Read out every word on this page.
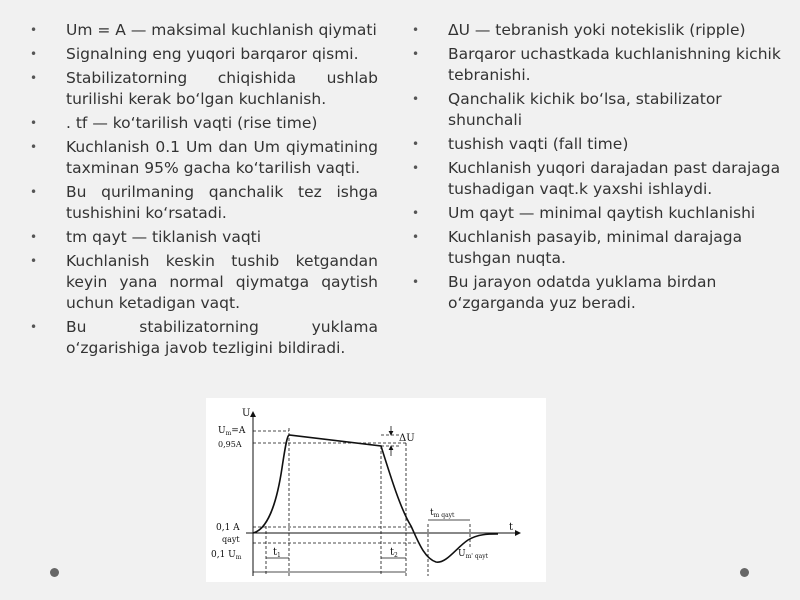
• Um = A — maksimal kuchlanish qiymati
• Signalning eng yuqori barqaror qismi.
• Stabilizatorning chiqishida ushlab turilishi kerak bo‘lgan kuchlanish.
• . tf — ko‘tarilish vaqti (rise time)
• Kuchlanish 0.1 Um dan Um qiymatining taxminan 95% gacha ko‘tarilish vaqti.
• Bu qurilmaning qanchalik tez ishga tushishini ko‘rsatadi.
• tm qayt — tiklanish vaqti
• Kuchlanish keskin tushib ketgandan keyin yana normal qiymatga qaytish uchun ketadigan vaqt.
• Bu stabilizatorning yuklama o‘zgarishiga javob tezligini bildiradi.
• ΔU — tebranish yoki notekislik (ripple)
• Barqaror uchastkada kuchlanishning kichik tebranishi.
• Qanchalik kichik bo‘lsa, stabilizator shunchali
• tushish vaqti (fall time)
• Kuchlanish yuqori darajadan past darajaga tushadigan vaqt.k yaxshi ishlaydi.
• Um qayt — minimal qaytish kuchlanishi
• Kuchlanish pasayib, minimal darajaga tushgan nuqta.
• Bu jarayon odatda yuklama birdan o‘zgarganda yuz beradi.
U
t
$U_m=A$
0,95A
0,1 A
qayt
0,1 $U_m$
ΔU
$t_1$	$t_2$
$t_{m qayt}$
$U_{m' qayt}$
